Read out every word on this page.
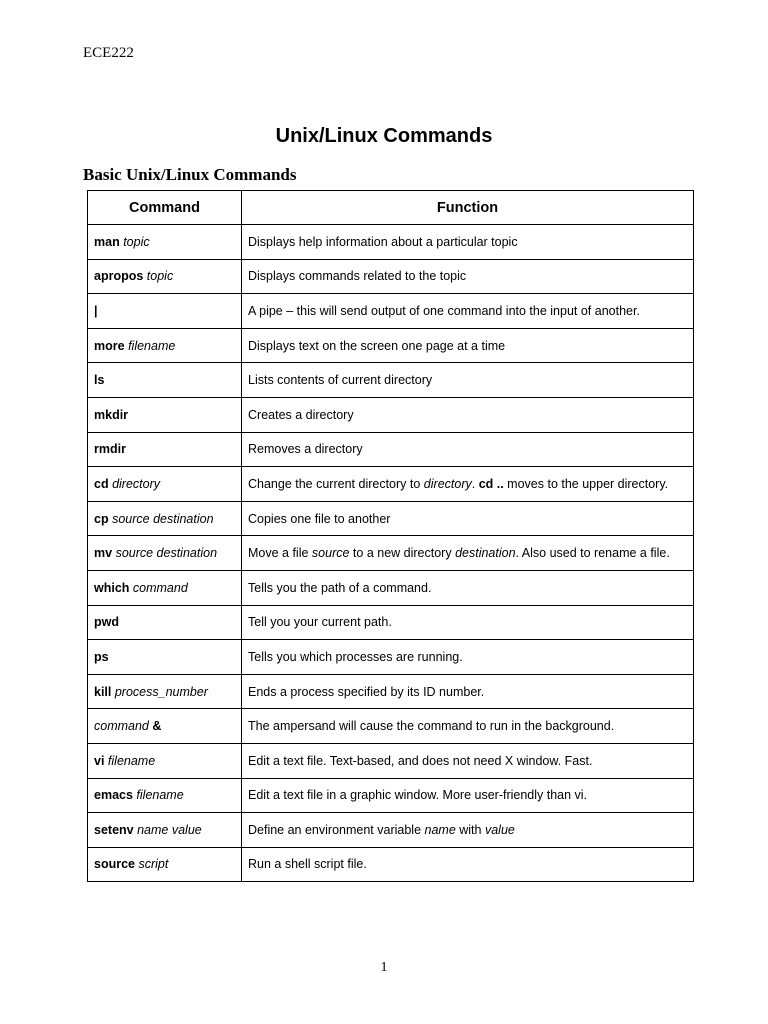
ECE222
Unix/Linux Commands
Basic Unix/Linux Commands
Command	Function
man topic	Displays help information about a particular topic
apropos topic	Displays commands related to the topic
|	A pipe – this will send output of one command into the input of another.
more filename	Displays text on the screen one page at a time
ls	Lists contents of current directory
mkdir	Creates a directory
rmdir	Removes a directory
cd directory	Change the current directory to directory. cd .. moves to the upper directory.
cp source destination	Copies one file to another
mv source destination	Move a file source to a new directory destination. Also used to rename a file.
which command	Tells you the path of a command.
pwd	Tell you your current path.
ps	Tells you which processes are running.
kill process_number	Ends a process specified by its ID number.
command &	The ampersand will cause the command to run in the background.
vi filename	Edit a text file. Text-based, and does not need X window. Fast.
emacs filename	Edit a text file in a graphic window. More user-friendly than vi.
setenv name value	Define an environment variable name with value
source script	Run a shell script file.
1
